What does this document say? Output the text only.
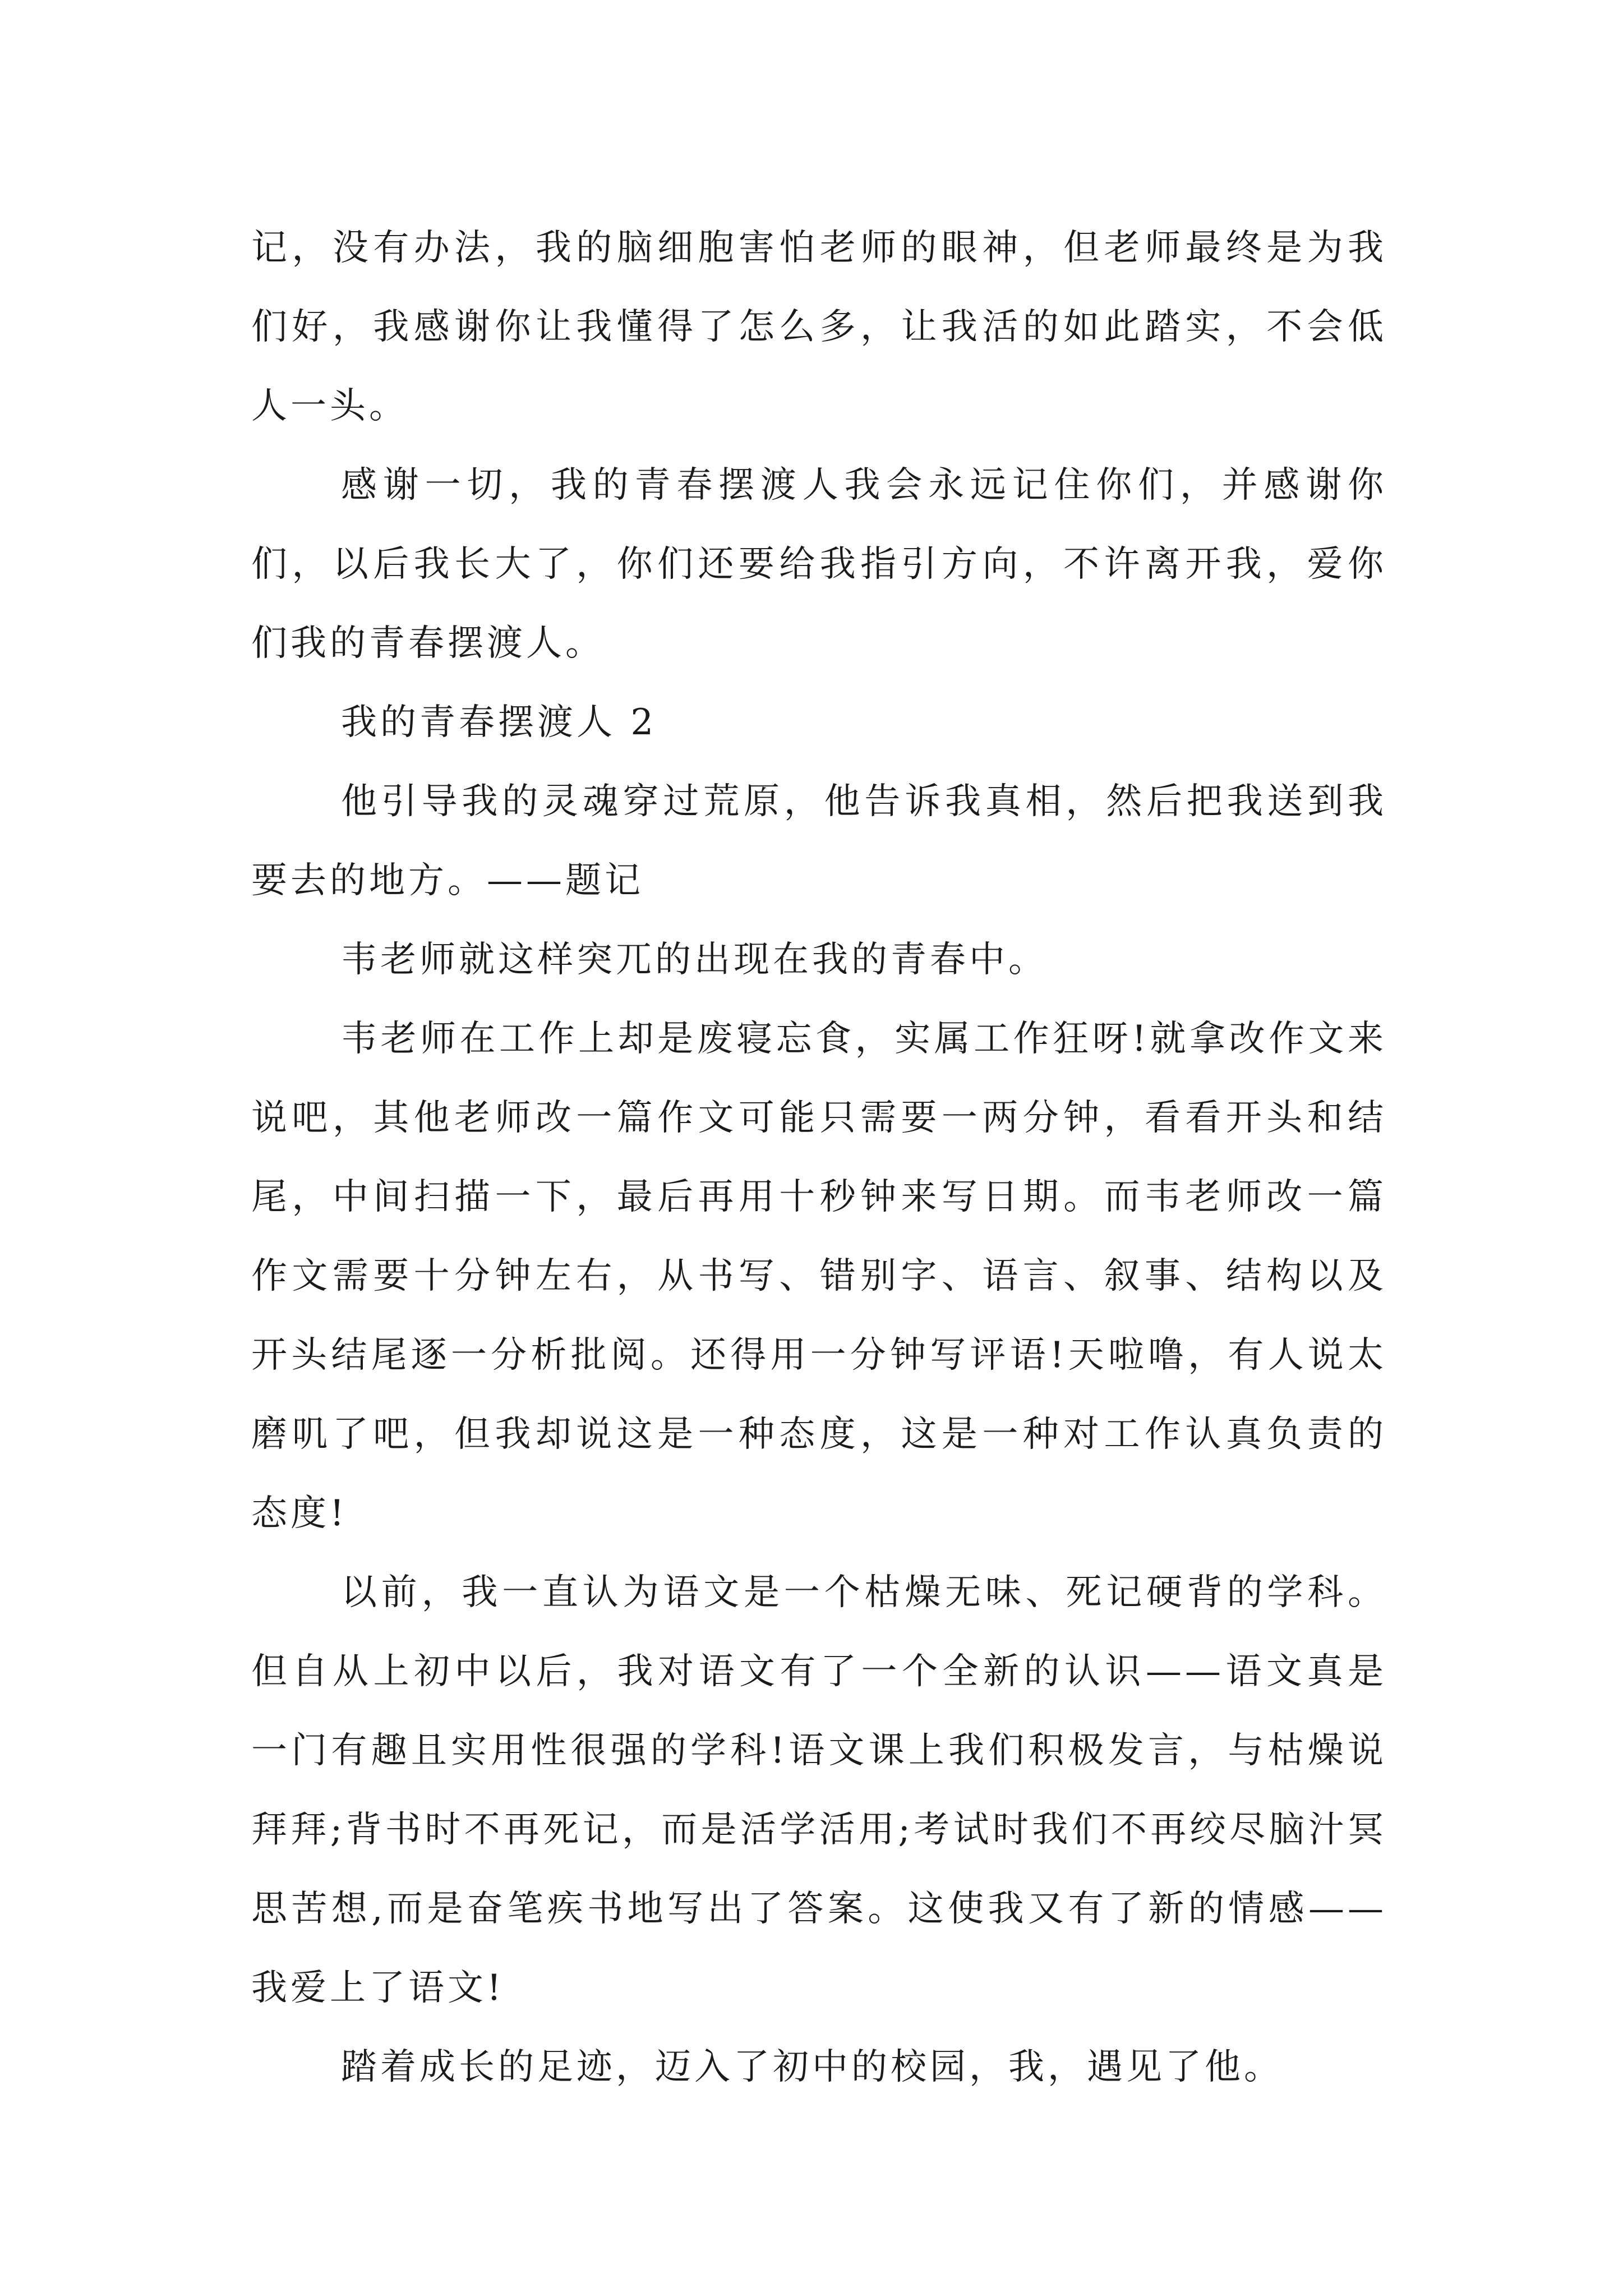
记，没有办法，我的脑细胞害怕老师的眼神，但老师最终是为我们好，我感谢你让我懂得了怎么多，让我活的如此踏实，不会低人一头。

感谢一切，我的青春摆渡人我会永远记住你们，并感谢你们，以后我长大了，你们还要给我指引方向，不许离开我，爱你们我的青春摆渡人。

我的青春摆渡人 2

他引导我的灵魂穿过荒原，他告诉我真相，然后把我送到我要去的地方。——题记

韦老师就这样突兀的出现在我的青春中。

韦老师在工作上却是废寝忘食，实属工作狂呀!就拿改作文来说吧，其他老师改一篇作文可能只需要一两分钟，看看开头和结尾，中间扫描一下，最后再用十秒钟来写日期。而韦老师改一篇作文需要十分钟左右，从书写、错别字、语言、叙事、结构以及开头结尾逐一分析批阅。还得用一分钟写评语!天啦噜，有人说太磨叽了吧，但我却说这是一种态度，这是一种对工作认真负责的态度!

以前，我一直认为语文是一个枯燥无味、死记硬背的学科。但自从上初中以后，我对语文有了一个全新的认识——语文真是一门有趣且实用性很强的学科!语文课上我们积极发言，与枯燥说拜拜;背书时不再死记，而是活学活用;考试时我们不再绞尽脑汁冥思苦想,而是奋笔疾书地写出了答案。这使我又有了新的情感——我爱上了语文!

踏着成长的足迹，迈入了初中的校园，我，遇见了他。
